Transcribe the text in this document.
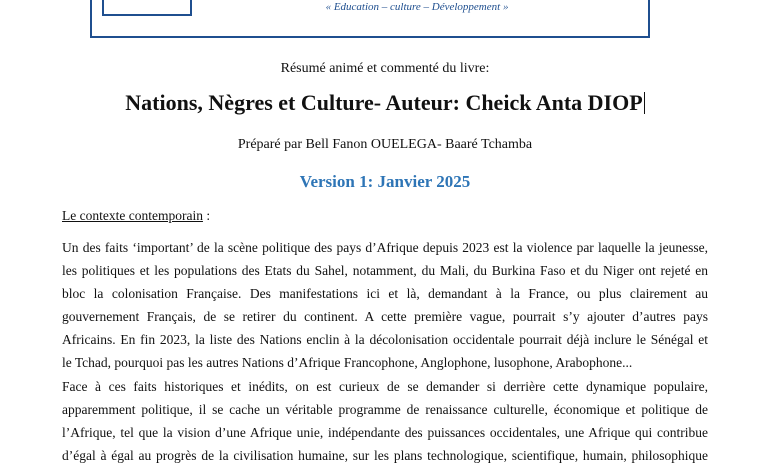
« Education – culture – Développement »
Résumé animé et commenté du livre:
Nations, Nègres et Culture- Auteur: Cheick Anta DIOP
Préparé par Bell Fanon OUELEGA- Baaré Tchamba
Version 1: Janvier 2025
Le contexte contemporain :
Un des faits ‘important’ de la scène politique des pays d’Afrique depuis 2023 est la violence par laquelle la jeunesse,
les politiques et les populations des Etats du Sahel, notamment, du Mali, du Burkina Faso et du Niger ont rejeté en
bloc la colonisation Française. Des manifestations ici et là, demandant à la France, ou plus clairement au
gouvernement Français, de se retirer du continent. A cette première vague, pourrait s’y ajouter d’autres pays
Africains. En fin 2023, la liste des Nations enclin à la décolonisation occidentale pourrait déjà inclure le Sénégal et
le Tchad, pourquoi pas les autres Nations d’Afrique Francophone, Anglophone, lusophone, Arabophone...
Face à ces faits historiques et inédits, on est curieux de se demander si derrière cette dynamique populaire,
apparemment politique, il se cache un véritable programme de renaissance culturelle, économique et politique de
l’Afrique, tel que la vision d’une Afrique unie, indépendante des puissances occidentales, une Afrique qui contribue
d’égal à égal au progrès de la civilisation humaine, sur les plans technologique, scientifique, humain, philosophique
